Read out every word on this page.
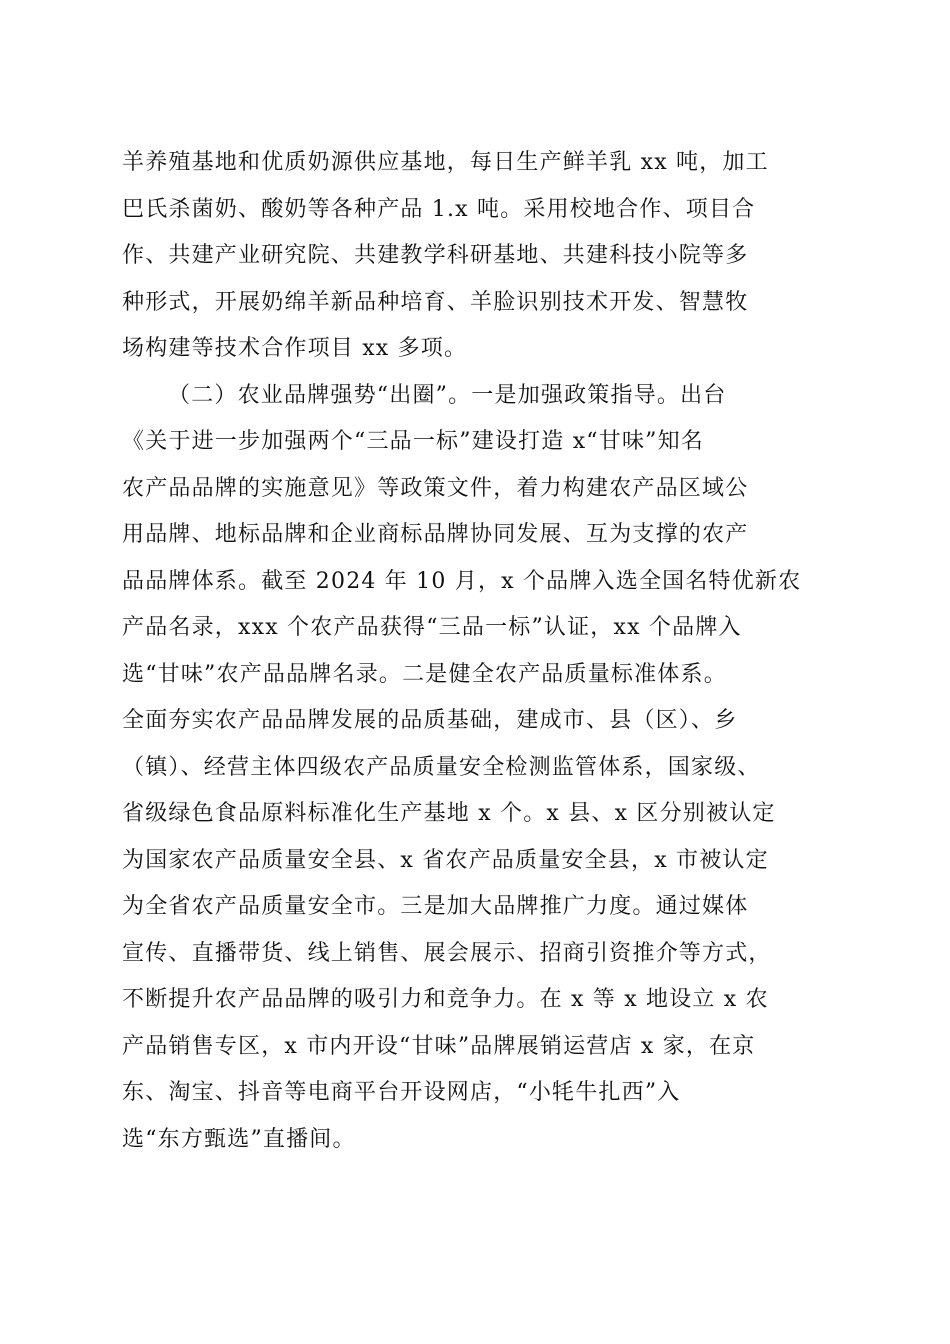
羊养殖基地和优质奶源供应基地，每日生产鲜羊乳 xx 吨，加工
巴氏杀菌奶、酸奶等各种产品 1.x 吨。采用校地合作、项目合
作、共建产业研究院、共建教学科研基地、共建科技小院等多
种形式，开展奶绵羊新品种培育、羊脸识别技术开发、智慧牧
场构建等技术合作项目 xx 多项。
（二）农业品牌强势“出圈”。一是加强政策指导。出台
《关于进一步加强两个“三品一标”建设打造 x“甘味”知名
农产品品牌的实施意见》等政策文件，着力构建农产品区域公
用品牌、地标品牌和企业商标品牌协同发展、互为支撑的农产
品品牌体系。截至 2024 年 10 月，x 个品牌入选全国名特优新农
产品名录，xxx 个农产品获得“三品一标”认证，xx 个品牌入
选“甘味”农产品品牌名录。二是健全农产品质量标准体系。
全面夯实农产品品牌发展的品质基础，建成市、县（区）、乡
（镇）、经营主体四级农产品质量安全检测监管体系，国家级、
省级绿色食品原料标准化生产基地 x 个。x 县、x 区分别被认定
为国家农产品质量安全县、x 省农产品质量安全县，x 市被认定
为全省农产品质量安全市。三是加大品牌推广力度。通过媒体
宣传、直播带货、线上销售、展会展示、招商引资推介等方式，
不断提升农产品品牌的吸引力和竞争力。在 x 等 x 地设立 x 农
产品销售专区，x 市内开设“甘味”品牌展销运营店 x 家，在京
东、淘宝、抖音等电商平台开设网店，“小牦牛扎西”入
选“东方甄选”直播间。
